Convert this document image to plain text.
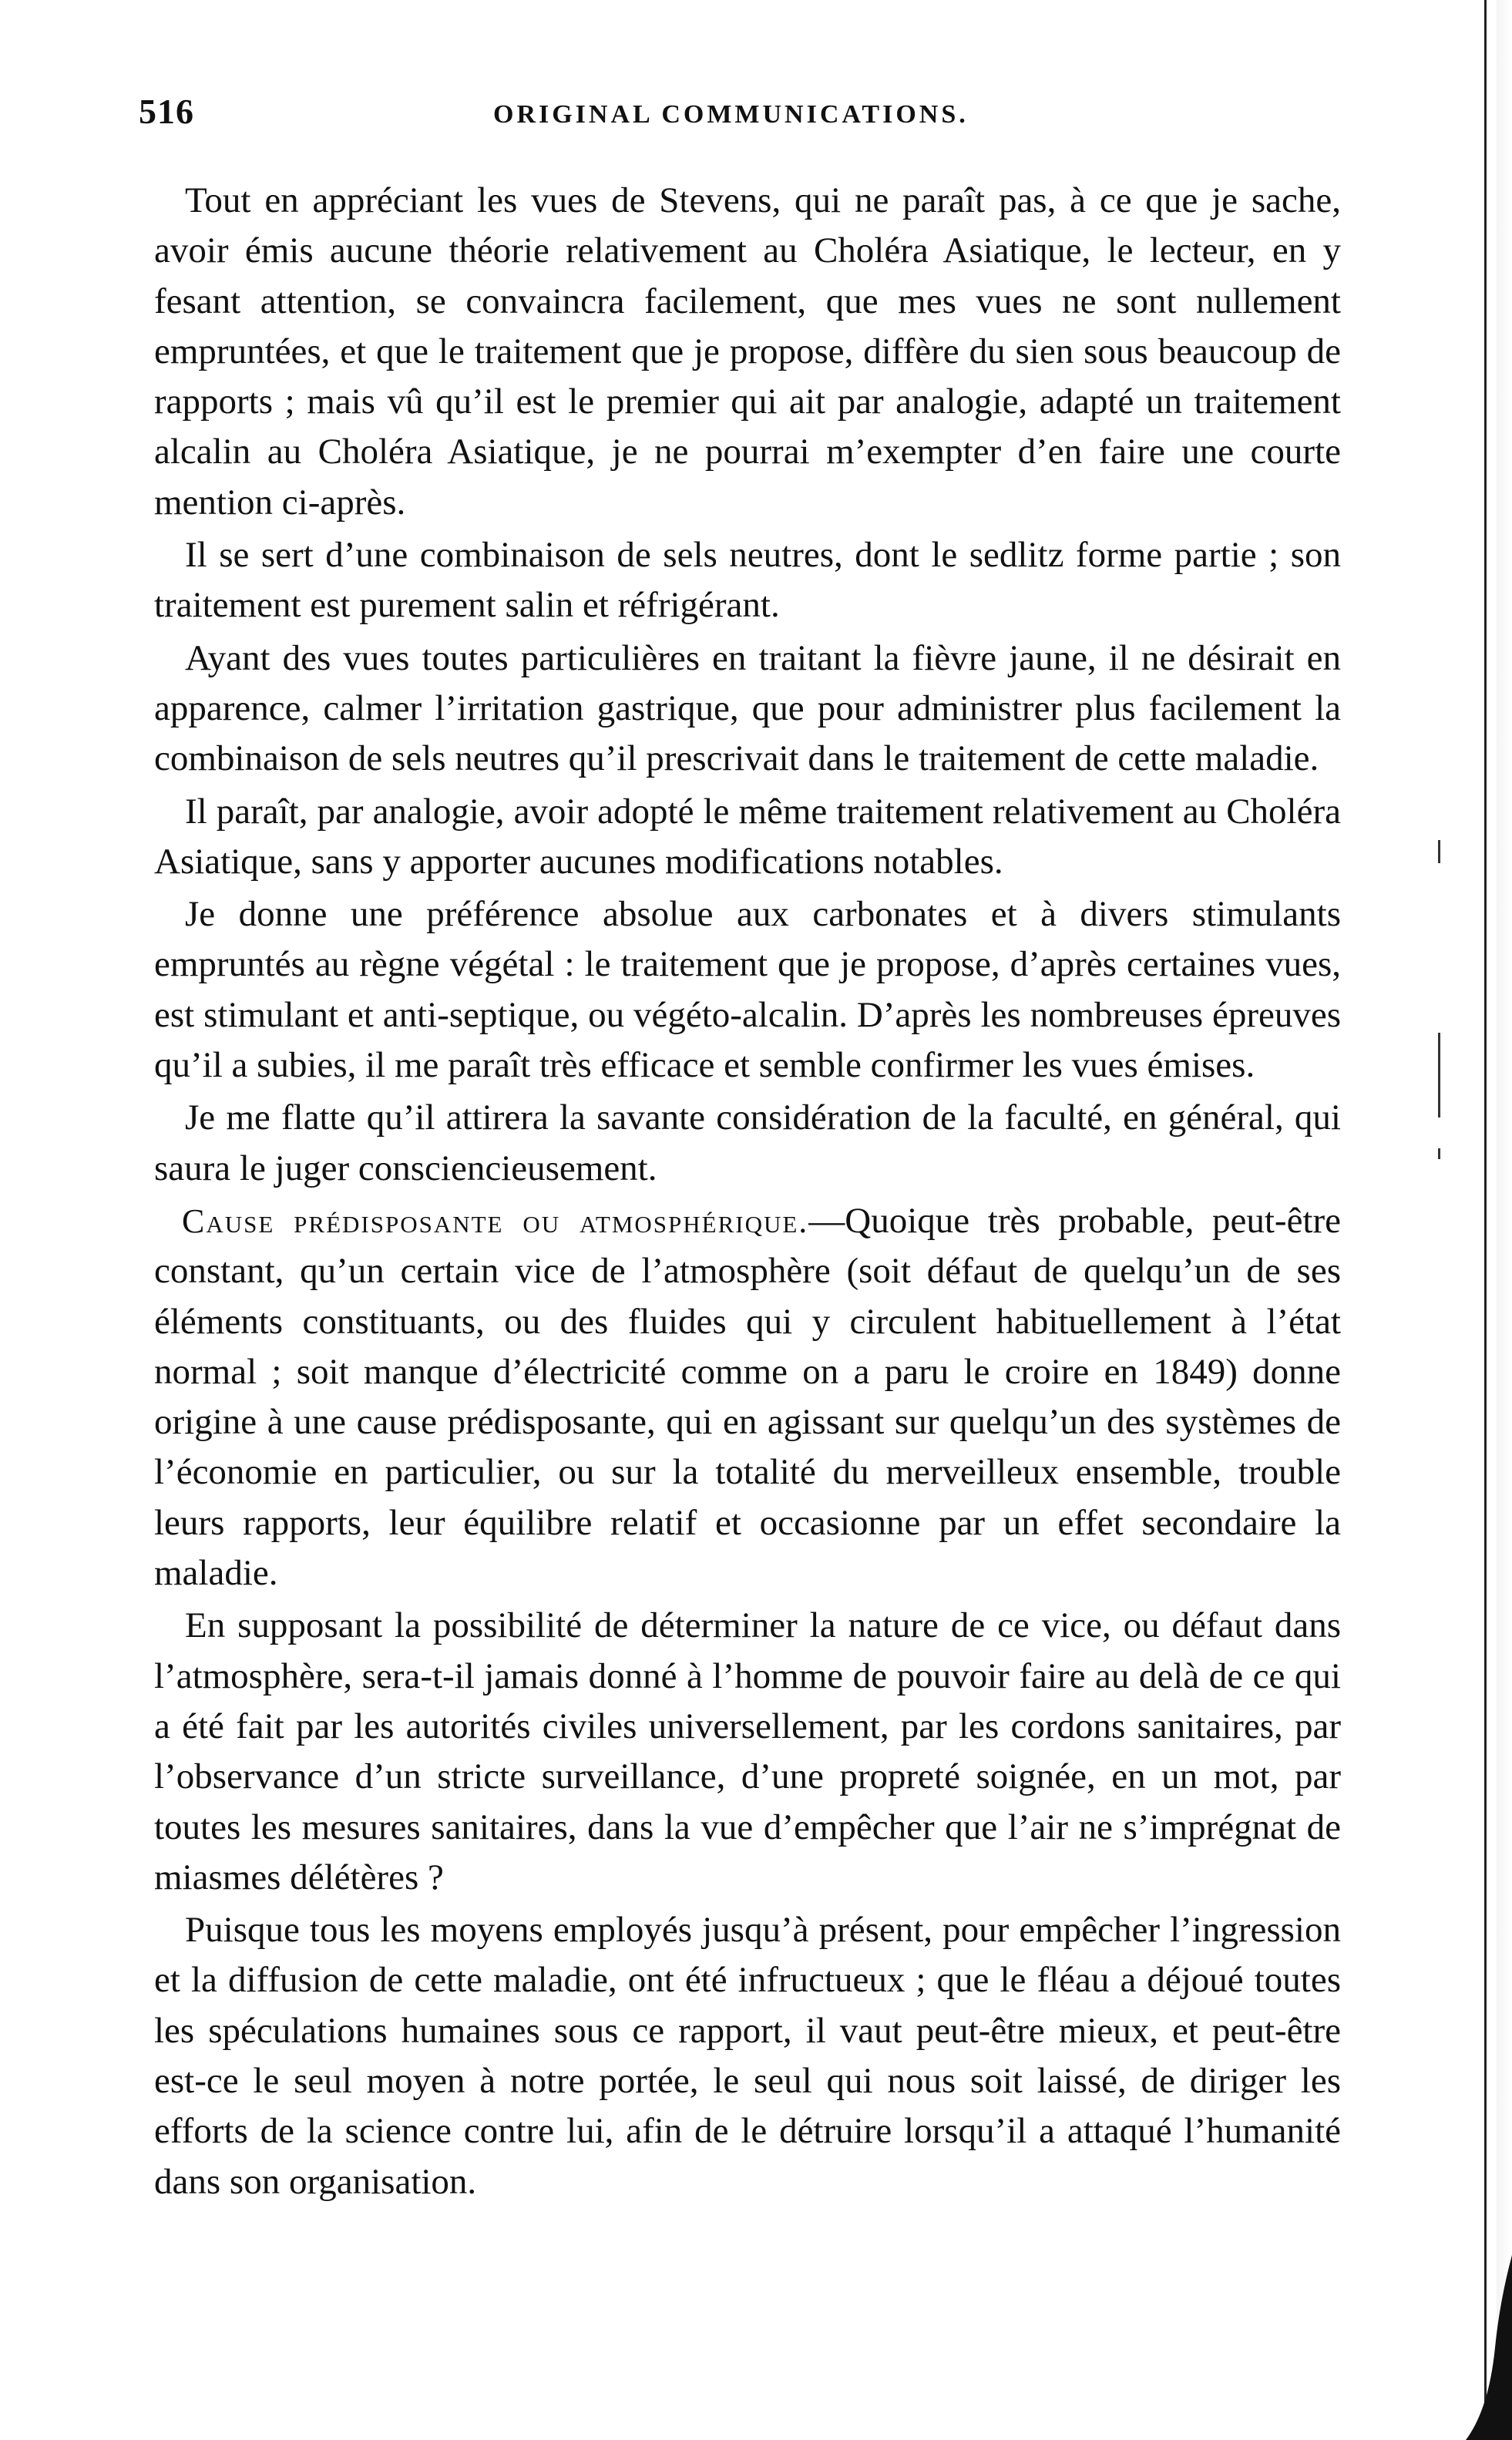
516	ORIGINAL COMMUNICATIONS.

Tout en appréciant les vues de Stevens, qui ne paraît pas, à ce que je sache, avoir émis aucune théorie relativement au Choléra Asiatique, le lecteur, en y fesant attention, se convaincra facilement, que mes vues ne sont nullement empruntées, et que le traitement que je propose, diffère du sien sous beaucoup de rapports ; mais vû qu’il est le premier qui ait par analogie, adapté un traitement alcalin au Choléra Asiatique, je ne pourrai m’exempter d’en faire une courte mention ci-après.

Il se sert d’une combinaison de sels neutres, dont le sedlitz forme partie ; son traitement est purement salin et réfrigérant.

Ayant des vues toutes particulières en traitant la fièvre jaune, il ne désirait en apparence, calmer l’irritation gastrique, que pour administrer plus facilement la combinaison de sels neutres qu’il prescrivait dans le traitement de cette maladie.

Il paraît, par analogie, avoir adopté le même traitement relativement au Choléra Asiatique, sans y apporter aucunes modifications notables.

Je donne une préférence absolue aux carbonates et à divers stimulants empruntés au règne végétal : le traitement que je propose, d’après certaines vues, est stimulant et anti-septique, ou végéto-alcalin. D’après les nombreuses épreuves qu’il a subies, il me paraît très efficace et semble confirmer les vues émises.

Je me flatte qu’il attirera la savante considération de la faculté, en général, qui saura le juger consciencieusement.

Cause prédisposante ou atmosphérique.—Quoique très probable, peut-être constant, qu’un certain vice de l’atmosphère (soit défaut de quelqu’un de ses éléments constituants, ou des fluides qui y circulent habituellement à l’état normal ; soit manque d’électricité comme on a paru le croire en 1849) donne origine à une cause prédisposante, qui en agissant sur quelqu’un des systèmes de l’économie en particulier, ou sur la totalité du merveilleux ensemble, trouble leurs rapports, leur équilibre relatif et occasionne par un effet secondaire la maladie.

En supposant la possibilité de déterminer la nature de ce vice, ou défaut dans l’atmosphère, sera-t-il jamais donné à l’homme de pouvoir faire au delà de ce qui a été fait par les autorités civiles universellement, par les cordons sanitaires, par l’observance d’un stricte surveillance, d’une propreté soignée, en un mot, par toutes les mesures sanitaires, dans la vue d’empêcher que l’air ne s’imprégnat de miasmes délétères ?

Puisque tous les moyens employés jusqu’à présent, pour empêcher l’ingression et la diffusion de cette maladie, ont été infructueux ; que le fléau a déjoué toutes les spéculations humaines sous ce rapport, il vaut peut-être mieux, et peut-être est-ce le seul moyen à notre portée, le seul qui nous soit laissé, de diriger les efforts de la science contre lui, afin de le détruire lorsqu’il a attaqué l’humanité dans son organisation.
